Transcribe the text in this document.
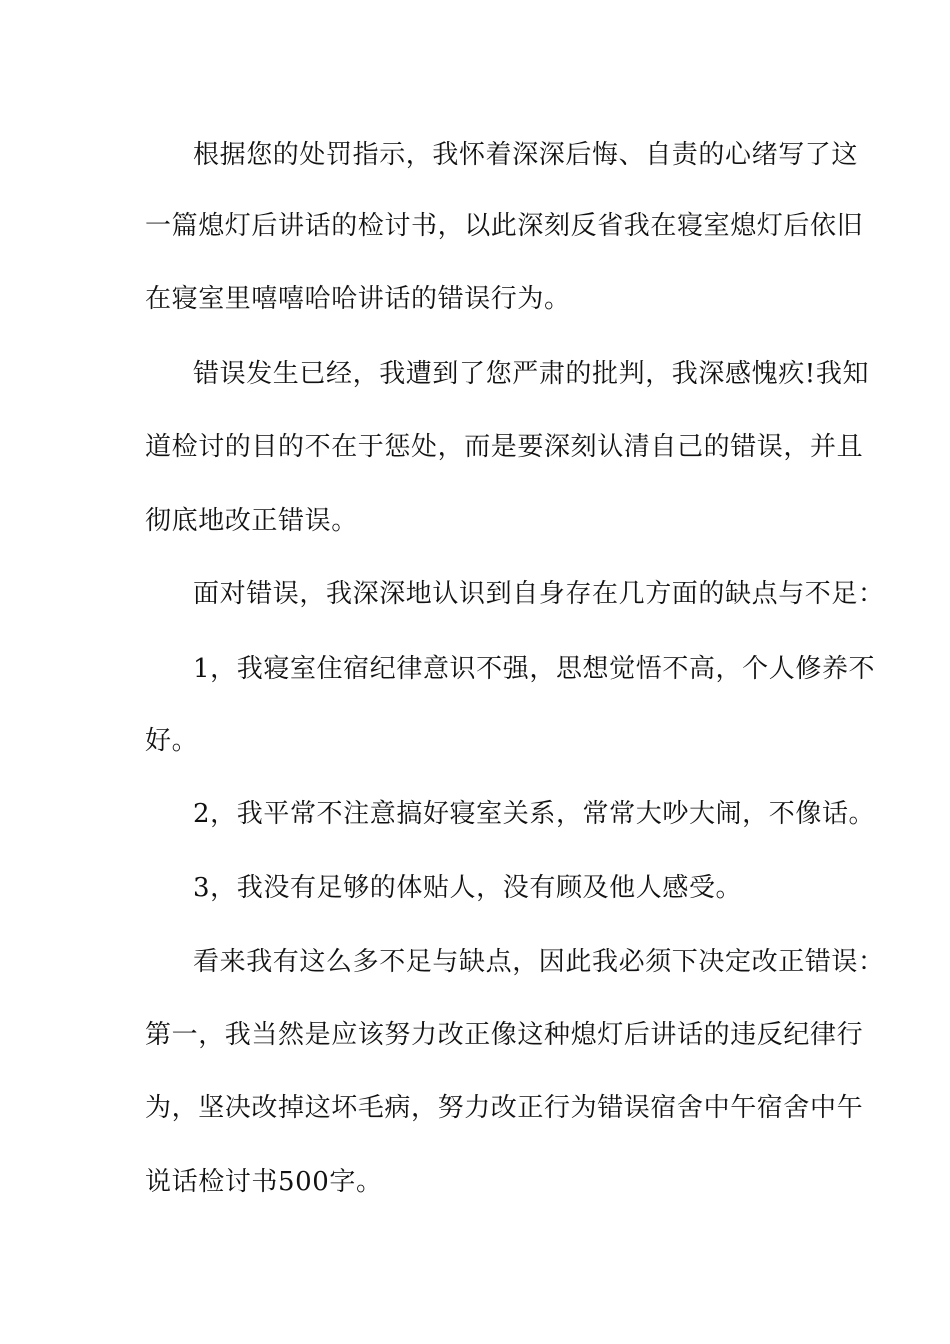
根据您的处罚指示，我怀着深深后悔、自责的心绪写了这
一篇熄灯后讲话的检讨书，以此深刻反省我在寝室熄灯后依旧
在寝室里嘻嘻哈哈讲话的错误行为。
错误发生已经，我遭到了您严肃的批判，我深感愧疚!我知
道检讨的目的不在于惩处，而是要深刻认清自己的错误，并且
彻底地改正错误。
面对错误，我深深地认识到自身存在几方面的缺点与不足：
1，我寝室住宿纪律意识不强，思想觉悟不高，个人修养不
好。
2，我平常不注意搞好寝室关系，常常大吵大闹，不像话。
3，我没有足够的体贴人，没有顾及他人感受。
看来我有这么多不足与缺点，因此我必须下决定改正错误：
第一，我当然是应该努力改正像这种熄灯后讲话的违反纪律行
为，坚决改掉这坏毛病，努力改正行为错误宿舍中午宿舍中午
说话检讨书500字。
